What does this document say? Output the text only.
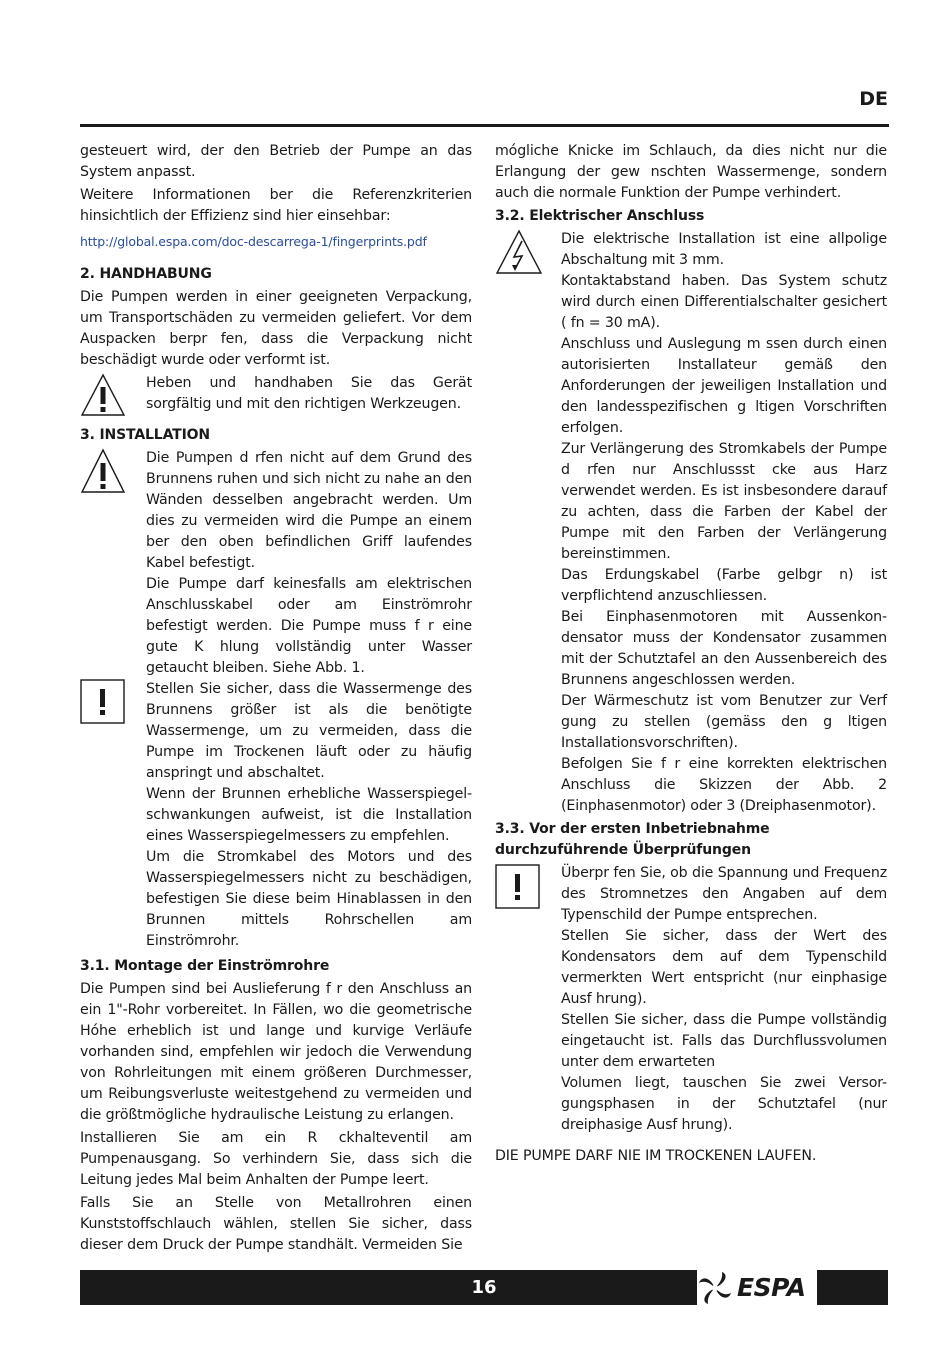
DE

gesteuert wird, der den Betrieb der Pumpe an das System anpasst.

Weitere Informationen ber die Referenzkriterien hinsichtlich der Effizienz sind hier einsehbar:

http://global.espa.com/doc-descarrega-1/fingerprints.pdf

2. HANDHABUNG

Die Pumpen werden in einer geeigneten Verpackung, um Transportschäden zu vermeiden geliefert. Vor dem Auspacken berpr fen, dass die Verpackung nicht beschädigt wurde oder verformt ist.

Heben und handhaben Sie das Gerät sorgfältig und mit den richtigen Werkzeugen.

3. INSTALLATION

Die Pumpen d rfen nicht auf dem Grund des Brunnens ruhen und sich nicht zu nahe an den Wänden desselben angebracht werden. Um dies zu vermeiden wird die Pumpe an einem ber den oben befindlichen Griff laufendes Kabel befestigt.

Die Pumpe darf keinesfalls am elektrischen Anschlusskabel oder am Einströmrohr befestigt werden. Die Pumpe muss f r eine gute K hlung vollständig unter Wasser getaucht bleiben. Siehe Abb. 1.

Stellen Sie sicher, dass die Wassermenge des Brunnens größer ist als die benötigte Wassermenge, um zu vermeiden, dass die Pumpe im Trockenen läuft oder zu häufig anspringt und abschaltet.

Wenn der Brunnen erhebliche Wasserspiegel-schwankungen aufweist, ist die Installation eines Wasserspiegelmessers zu empfehlen.

Um die Stromkabel des Motors und des Wasserspiegelmessers nicht zu beschädigen, befestigen Sie diese beim Hinablassen in den Brunnen mittels Rohrschellen am Einströmrohr.

3.1. Montage der Einströmrohre

Die Pumpen sind bei Auslieferung f r den Anschluss an ein 1"-Rohr vorbereitet. In Fällen, wo die geometrische Hóhe erheblich ist und lange und kurvige Verläufe vorhanden sind, empfehlen wir jedoch die Verwendung von Rohrleitungen mit einem größeren Durchmesser, um Reibungsverluste weitestgehend zu vermeiden und die größtmögliche hydraulische Leistung zu erlangen.

Installieren Sie am ein R ckhalteventil am Pumpenausgang. So verhindern Sie, dass sich die Leitung jedes Mal beim Anhalten der Pumpe leert.

Falls Sie an Stelle von Metallrohren einen Kunststoffschlauch wählen, stellen Sie sicher, dass dieser dem Druck der Pumpe standhält. Vermeiden Sie

mógliche Knicke im Schlauch, da dies nicht nur die Erlangung der gew nschten Wassermenge, sondern auch die normale Funktion der Pumpe verhindert.

3.2. Elektrischer Anschluss

Die elektrische Installation ist eine allpolige Abschaltung mit 3 mm.

Kontaktabstand haben. Das System schutz wird durch einen Differentialschalter gesichert ( fn = 30 mA).

Anschluss und Auslegung m ssen durch einen autorisierten Installateur gemäß den Anforderungen der jeweiligen Installation und den landesspezifischen g ltigen Vorschriften erfolgen.

Zur Verlängerung des Stromkabels der Pumpe d rfen nur Anschlussst cke aus Harz verwendet werden. Es ist insbesondere darauf zu achten, dass die Farben der Kabel der Pumpe mit den Farben der Verlängerung bereinstimmen.

Das Erdungskabel (Farbe gelbgr n) ist verpflichtend anzuschliessen.

Bei Einphasenmotoren mit Aussenkon-densator muss der Kondensator zusammen mit der Schutztafel an den Aussenbereich des Brunnens angeschlossen werden.

Der Wärmeschutz ist vom Benutzer zur Verf gung zu stellen (gemäss den g ltigen Installationsvorschriften).

Befolgen Sie f r eine korrekten elektrischen Anschluss die Skizzen der Abb. 2 (Einphasenmotor) oder 3 (Dreiphasenmotor).

3.3. Vor der ersten Inbetriebnahme durchzuführende Überprüfungen

Überpr fen Sie, ob die Spannung und Frequenz des Stromnetzes den Angaben auf dem Typenschild der Pumpe entsprechen.

Stellen Sie sicher, dass der Wert des Kondensators dem auf dem Typenschild vermerkten Wert entspricht (nur einphasige Ausf hrung).

Stellen Sie sicher, dass die Pumpe vollständig eingetaucht ist. Falls das Durchflussvolumen unter dem erwarteten

Volumen liegt, tauschen Sie zwei Versor-gungsphasen in der Schutztafel (nur dreiphasige Ausf hrung).

DIE PUMPE DARF NIE IM TROCKENEN LAUFEN.

16	ESPA
